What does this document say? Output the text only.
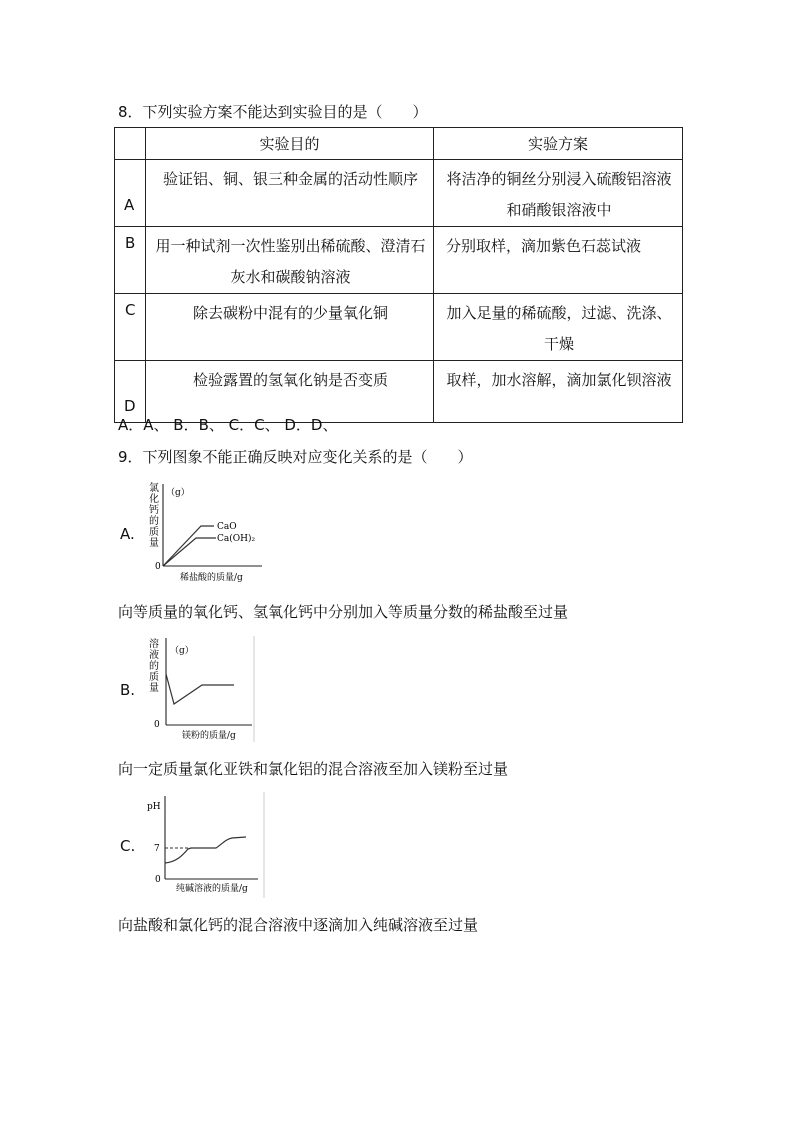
8．下列实验方案不能达到实验目的是（　　）
	实验目的	实验方案

A	验证铝、铜、银三种金属的活动性顺序	将洁净的铜丝分别浸入硫酸铝溶液和硝酸银溶液中

B	用一种试剂一次性鉴别出稀硫酸、澄清石灰水和碳酸钠溶液	分别取样，滴加紫色石蕊试液

C	除去碳粉中混有的少量氧化铜	加入足量的稀硫酸，过滤、洗涤、干燥

D	检验露置的氢氧化钠是否变质	取样，加水溶解，滴加氯化钡溶液
A．A、 B．B、 C．C、 D．D、
9．下列图象不能正确反映对应变化关系的是（　　）
A.
氯
化
钙
的
质
量
（g）
0
CaO
Ca(OH)₂
稀盐酸的质量/g
向等质量的氧化钙、氢氧化钙中分别加入等质量分数的稀盐酸至过量
B.
溶
液
的
质
量
（g）
0
镁粉的质量/g
向一定质量氯化亚铁和氯化铝的混合溶液至加入镁粉至过量
C.
pH
7
0
纯碱溶液的质量/g
向盐酸和氯化钙的混合溶液中逐滴加入纯碱溶液至过量
